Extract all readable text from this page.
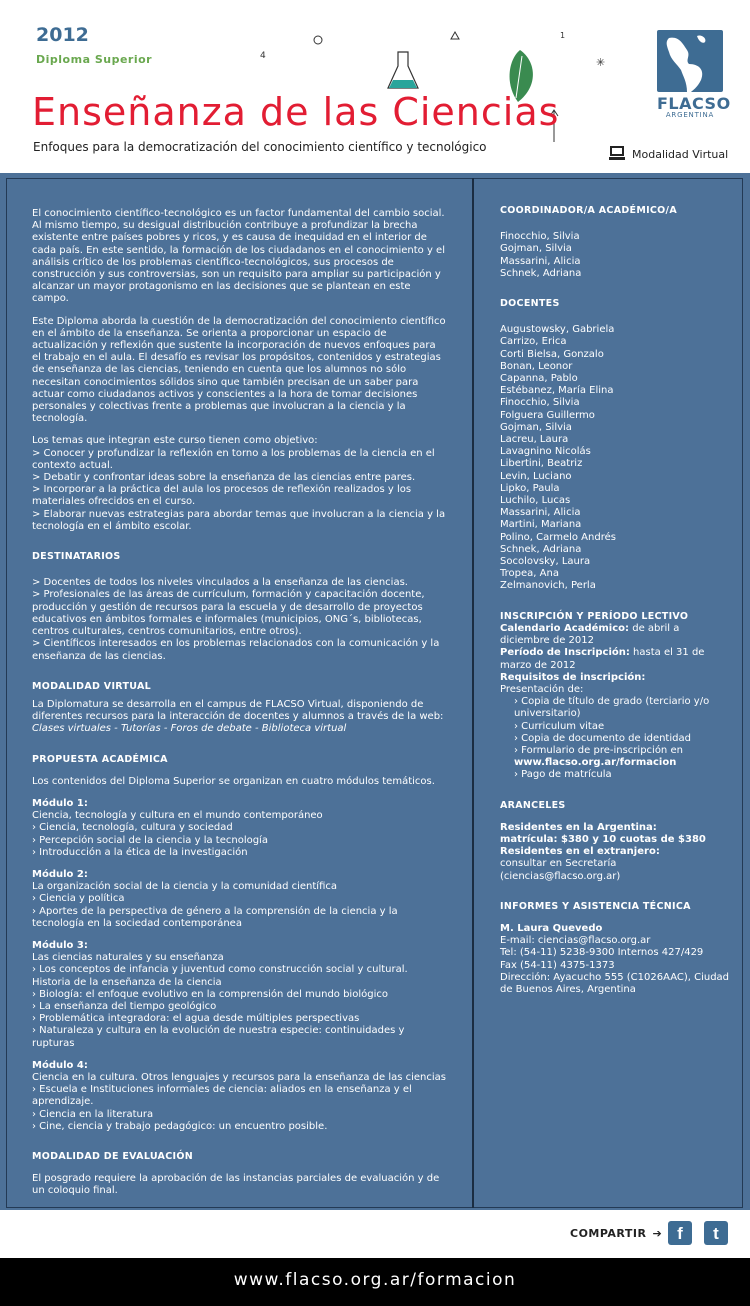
2012
Diploma Superior	4
1
✳
Enseñanza de las Ciencias
Enfoques para la democratización del conocimiento científico y tecnológico
FLACSO
ARGENTINA
Modalidad Virtual

El conocimiento científico-tecnológico es un factor fundamental del cambio social. Al mismo tiempo, su desigual distribución contribuye a profundizar la brecha existente entre países pobres y ricos, y es causa de inequidad en el interior de cada país. En este sentido, la formación de los ciudadanos en el conocimiento y el análisis crítico de los problemas científico-tecnológicos, sus procesos de construcción y sus controversias, son un requisito para ampliar su participación y alcanzar un mayor protagonismo en las decisiones que se plantean en este campo.

Este Diploma aborda la cuestión de la democratización del conocimiento científico en el ámbito de la enseñanza. Se orienta a proporcionar un espacio de actualización y reflexión que sustente la incorporación de nuevos enfoques para el trabajo en el aula. El desafío es revisar los propósitos, contenidos y estrategias de enseñanza de las ciencias, teniendo en cuenta que los alumnos no sólo necesitan conocimientos sólidos sino que también precisan de un saber para actuar como ciudadanos activos y conscientes a la hora de tomar decisiones personales y colectivas frente a problemas que involucran a la ciencia y la tecnología.

Los temas que integran este curso tienen como objetivo:

> Conocer y profundizar la reflexión en torno a los problemas de la ciencia en el contexto actual.

> Debatir y confrontar ideas sobre la enseñanza de las ciencias entre pares.

> Incorporar a la práctica del aula los procesos de reflexión realizados y los materiales ofrecidos en el curso.

> Elaborar nuevas estrategias para abordar temas que involucran a la ciencia y la tecnología en el ámbito escolar.

DESTINATARIOS

> Docentes de todos los niveles vinculados a la enseñanza de las ciencias.

> Profesionales de las áreas de currículum, formación y capacitación docente, producción y gestión de recursos para la escuela y de desarrollo de proyectos educativos en ámbitos formales e informales (municipios, ONG´s, bibliotecas, centros culturales, centros comunitarios, entre otros).

> Científicos interesados en los problemas relacionados con la comunicación y la enseñanza de las ciencias.

MODALIDAD VIRTUAL

La Diplomatura se desarrolla en el campus de FLACSO Virtual, disponiendo de diferentes recursos para la interacción de docentes y alumnos a través de la web:

Clases virtuales - Tutorías - Foros de debate - Biblioteca virtual

PROPUESTA ACADÉMICA

Los contenidos del Diploma Superior se organizan en cuatro módulos temáticos.

Módulo 1:

Ciencia, tecnología y cultura en el mundo contemporáneo

› Ciencia, tecnología, cultura y sociedad

› Percepción social de la ciencia y la tecnología

› Introducción a la ética de la investigación

Módulo 2:

La organización social de la ciencia y la comunidad científica

› Ciencia y política

› Aportes de la perspectiva de género a la comprensión de la ciencia y la tecnología en la sociedad contemporánea

Módulo 3:

Las ciencias naturales y su enseñanza

› Los conceptos de infancia y juventud como construcción social y cultural. Historia de la enseñanza de la ciencia

› Biología: el enfoque evolutivo en la comprensión del mundo biológico

› La enseñanza del tiempo geológico

› Problemática integradora: el agua desde múltiples perspectivas

› Naturaleza y cultura en la evolución de nuestra especie: continuidades y rupturas

Módulo 4:

Ciencia en la cultura. Otros lenguajes y recursos para la enseñanza de las ciencias

› Escuela e Instituciones informales de ciencia: aliados en la enseñanza y el aprendizaje.

› Ciencia en la literatura

› Cine, ciencia y trabajo pedagógico: un encuentro posible.

MODALIDAD DE EVALUACIÓN

El posgrado requiere la aprobación de las instancias parciales de evaluación y de un coloquio final.

COORDINADOR/A ACADÉMICO/A

Finocchio, Silvia

Gojman, Silvia

Massarini, Alicia

Schnek, Adriana

DOCENTES

Augustowsky, Gabriela

Carrizo, Erica

Corti Bielsa, Gonzalo

Bonan, Leonor

Capanna, Pablo

Estébanez, María Elina

Finocchio, Silvia

Folguera Guillermo

Gojman, Silvia

Lacreu, Laura

Lavagnino Nicolás

Libertini, Beatriz

Levin, Luciano

Lipko, Paula

Luchilo, Lucas

Massarini, Alicia

Martini, Mariana

Polino, Carmelo Andrés

Schnek, Adriana

Socolovsky, Laura

Tropea, Ana

Zelmanovich, Perla

INSCRIPCIÓN Y PERÍODO LECTIVO

Calendario Académico: de abril a diciembre de 2012

Período de Inscripción: hasta el 31 de marzo de 2012

Requisitos de inscripción:

Presentación de:

› Copia de título de grado (terciario y/o universitario)

› Curriculum vitae

› Copia de documento de identidad

› Formulario de pre-inscripción en

www.flacso.org.ar/formacion

› Pago de matrícula

ARANCELES

Residentes en la Argentina:

matrícula: $380 y 10 cuotas de $380

Residentes en el extranjero:

consultar en Secretaría (ciencias@flacso.org.ar)

INFORMES Y ASISTENCIA TÉCNICA

M. Laura Quevedo

E-mail: ciencias@flacso.org.ar

Tel: (54-11) 5238-9300 Internos 427/429

Fax (54-11) 4375-1373

Dirección: Ayacucho 555 (C1026AAC), Ciudad de Buenos Aires, Argentina

COMPARTIR ➔ f	t
www.flacso.org.ar/formacion
